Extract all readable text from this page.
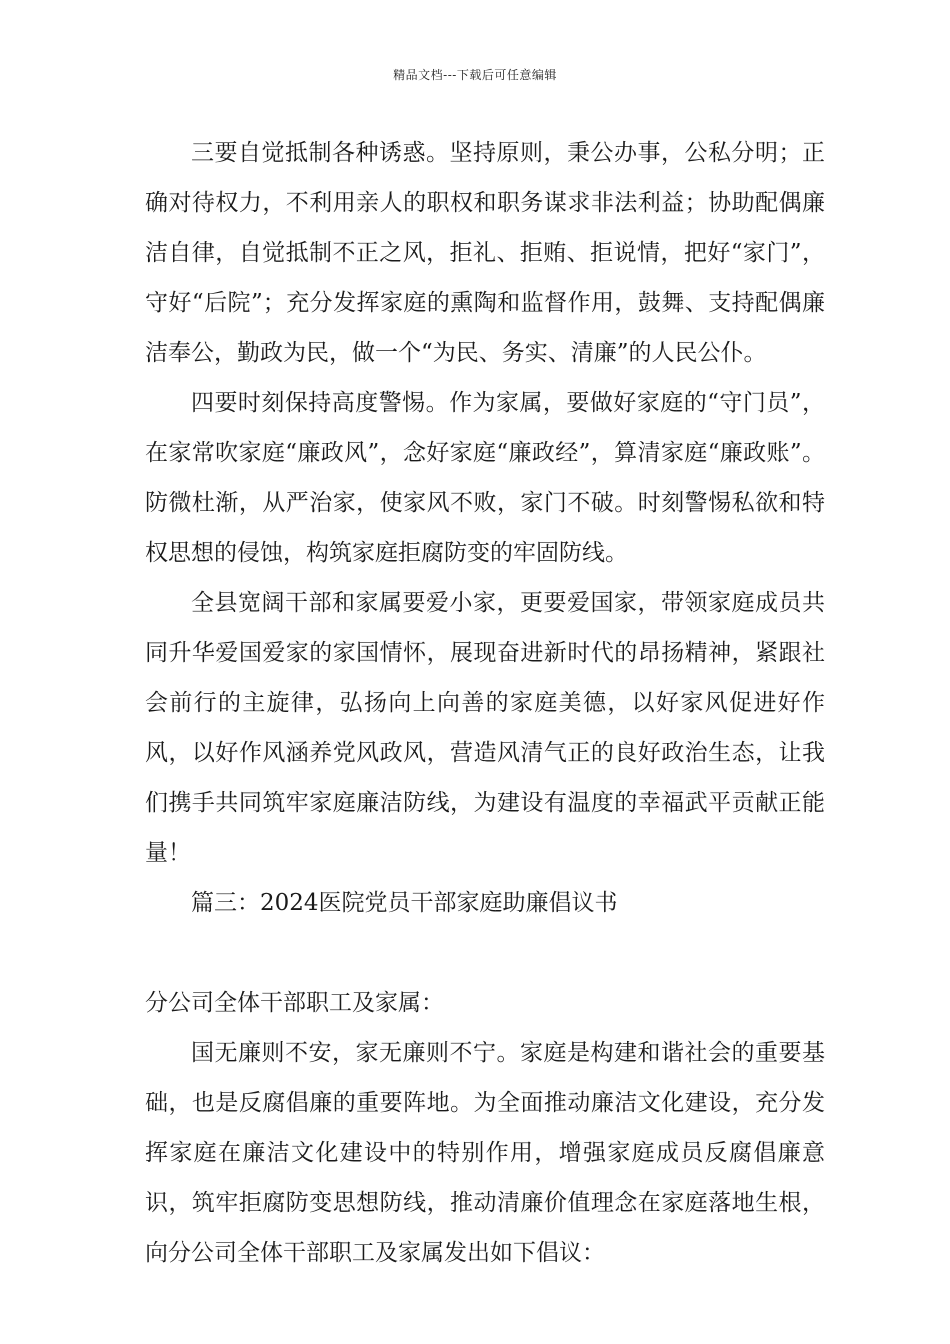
精品文档---下载后可任意编辑

三要自觉抵制各种诱惑。坚持原则，秉公办事，公私分明；正确对待权力，不利用亲人的职权和职务谋求非法利益；协助配偶廉洁自律，自觉抵制不正之风，拒礼、拒贿、拒说情，把好“家门”，守好“后院”；充分发挥家庭的熏陶和监督作用，鼓舞、支持配偶廉洁奉公，勤政为民，做一个“为民、务实、清廉”的人民公仆。

四要时刻保持高度警惕。作为家属，要做好家庭的“守门员”，在家常吹家庭“廉政风”，念好家庭“廉政经”，算清家庭“廉政账”。防微杜渐，从严治家，使家风不败，家门不破。时刻警惕私欲和特权思想的侵蚀，构筑家庭拒腐防变的牢固防线。

全县宽阔干部和家属要爱小家，更要爱国家，带领家庭成员共同升华爱国爱家的家国情怀，展现奋进新时代的昂扬精神，紧跟社会前行的主旋律，弘扬向上向善的家庭美德，以好家风促进好作风，以好作风涵养党风政风，营造风清气正的良好政治生态，让我们携手共同筑牢家庭廉洁防线，为建设有温度的幸福武平贡献正能量！

篇三：2024医院党员干部家庭助廉倡议书

分公司全体干部职工及家属：

国无廉则不安，家无廉则不宁。家庭是构建和谐社会的重要基础，也是反腐倡廉的重要阵地。为全面推动廉洁文化建设，充分发挥家庭在廉洁文化建设中的特别作用，增强家庭成员反腐倡廉意识，筑牢拒腐防变思想防线，推动清廉价值理念在家庭落地生根，向分公司全体干部职工及家属发出如下倡议：
